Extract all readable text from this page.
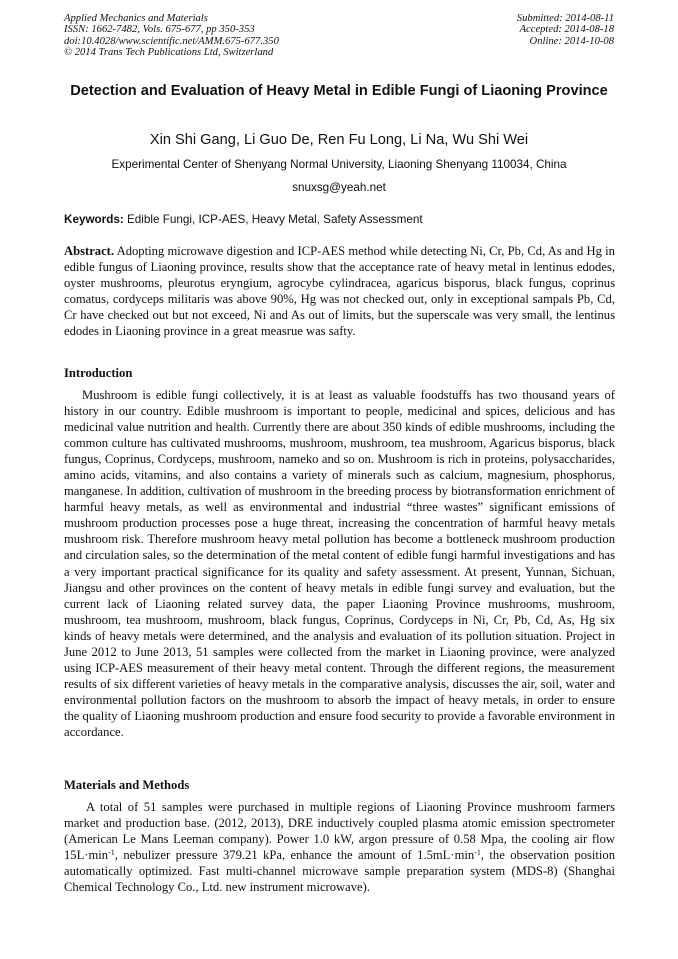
Applied Mechanics and Materials
ISSN: 1662-7482, Vols. 675-677, pp 350-353
doi:10.4028/www.scientific.net/AMM.675-677.350
© 2014 Trans Tech Publications Ltd, Switzerland
Submitted: 2014-08-11
Accepted: 2014-08-18
Online: 2014-10-08
Detection and Evaluation of Heavy Metal in Edible Fungi of Liaoning Province
Xin Shi Gang, Li Guo De, Ren Fu Long, Li Na, Wu Shi Wei
Experimental Center of Shenyang Normal University, Liaoning Shenyang 110034, China
snuxsg@yeah.net
Keywords: Edible Fungi, ICP-AES, Heavy Metal, Safety Assessment
Abstract. Adopting microwave digestion and ICP-AES method while detecting Ni, Cr, Pb, Cd, As and Hg in edible fungus of Liaoning province, results show that the acceptance rate of heavy metal in lentinus edodes, oyster mushrooms, pleurotus eryngium, agrocybe cylindracea, agaricus bisporus, black fungus, coprinus comatus, cordyceps militaris was above 90%, Hg was not checked out, only in exceptional sampals Pb, Cd, Cr have checked out but not exceed, Ni and As out of limits, but the superscale was very small, the lentinus edodes in Liaoning province in a great measrue was safty.
Introduction
Mushroom is edible fungi collectively, it is at least as valuable foodstuffs has two thousand years of history in our country. Edible mushroom is important to people, medicinal and spices, delicious and has medicinal value nutrition and health. Currently there are about 350 kinds of edible mushrooms, including the common culture has cultivated mushrooms, mushroom, mushroom, tea mushroom, Agaricus bisporus, black fungus, Coprinus, Cordyceps, mushroom, nameko and so on. Mushroom is rich in proteins, polysaccharides, amino acids, vitamins, and also contains a variety of minerals such as calcium, magnesium, phosphorus, manganese. In addition, cultivation of mushroom in the breeding process by biotransformation enrichment of harmful heavy metals, as well as environmental and industrial “three wastes” significant emissions of mushroom production processes pose a huge threat, increasing the concentration of harmful heavy metals mushroom risk. Therefore mushroom heavy metal pollution has become a bottleneck mushroom production and circulation sales, so the determination of the metal content of edible fungi harmful investigations and has a very important practical significance for its quality and safety assessment. At present, Yunnan, Sichuan, Jiangsu and other provinces on the content of heavy metals in edible fungi survey and evaluation, but the current lack of Liaoning related survey data, the paper Liaoning Province mushrooms, mushroom, mushroom, tea mushroom, mushroom, black fungus, Coprinus, Cordyceps in Ni, Cr, Pb, Cd, As, Hg six kinds of heavy metals were determined, and the analysis and evaluation of its pollution situation. Project in June 2012 to June 2013, 51 samples were collected from the market in Liaoning province, were analyzed using ICP-AES measurement of their heavy metal content. Through the different regions, the measurement results of six different varieties of heavy metals in the comparative analysis, discusses the air, soil, water and environmental pollution factors on the mushroom to absorb the impact of heavy metals, in order to ensure the quality of Liaoning mushroom production and ensure food security to provide a favorable environment in accordance.
Materials and Methods
A total of 51 samples were purchased in multiple regions of Liaoning Province mushroom farmers market and production base. (2012, 2013), DRE inductively coupled plasma atomic emission spectrometer (American Le Mans Leeman company). Power 1.0 kW, argon pressure of 0.58 Mpa, the cooling air flow $15L\cdot\min^{-1}$, nebulizer pressure 379.21 kPa, enhance the amount of $1.5mL\cdot\min^{-1}$, the observation position automatically optimized. Fast multi-channel microwave sample preparation system (MDS-8) (Shanghai Chemical Technology Co., Ltd. new instrument microwave).
